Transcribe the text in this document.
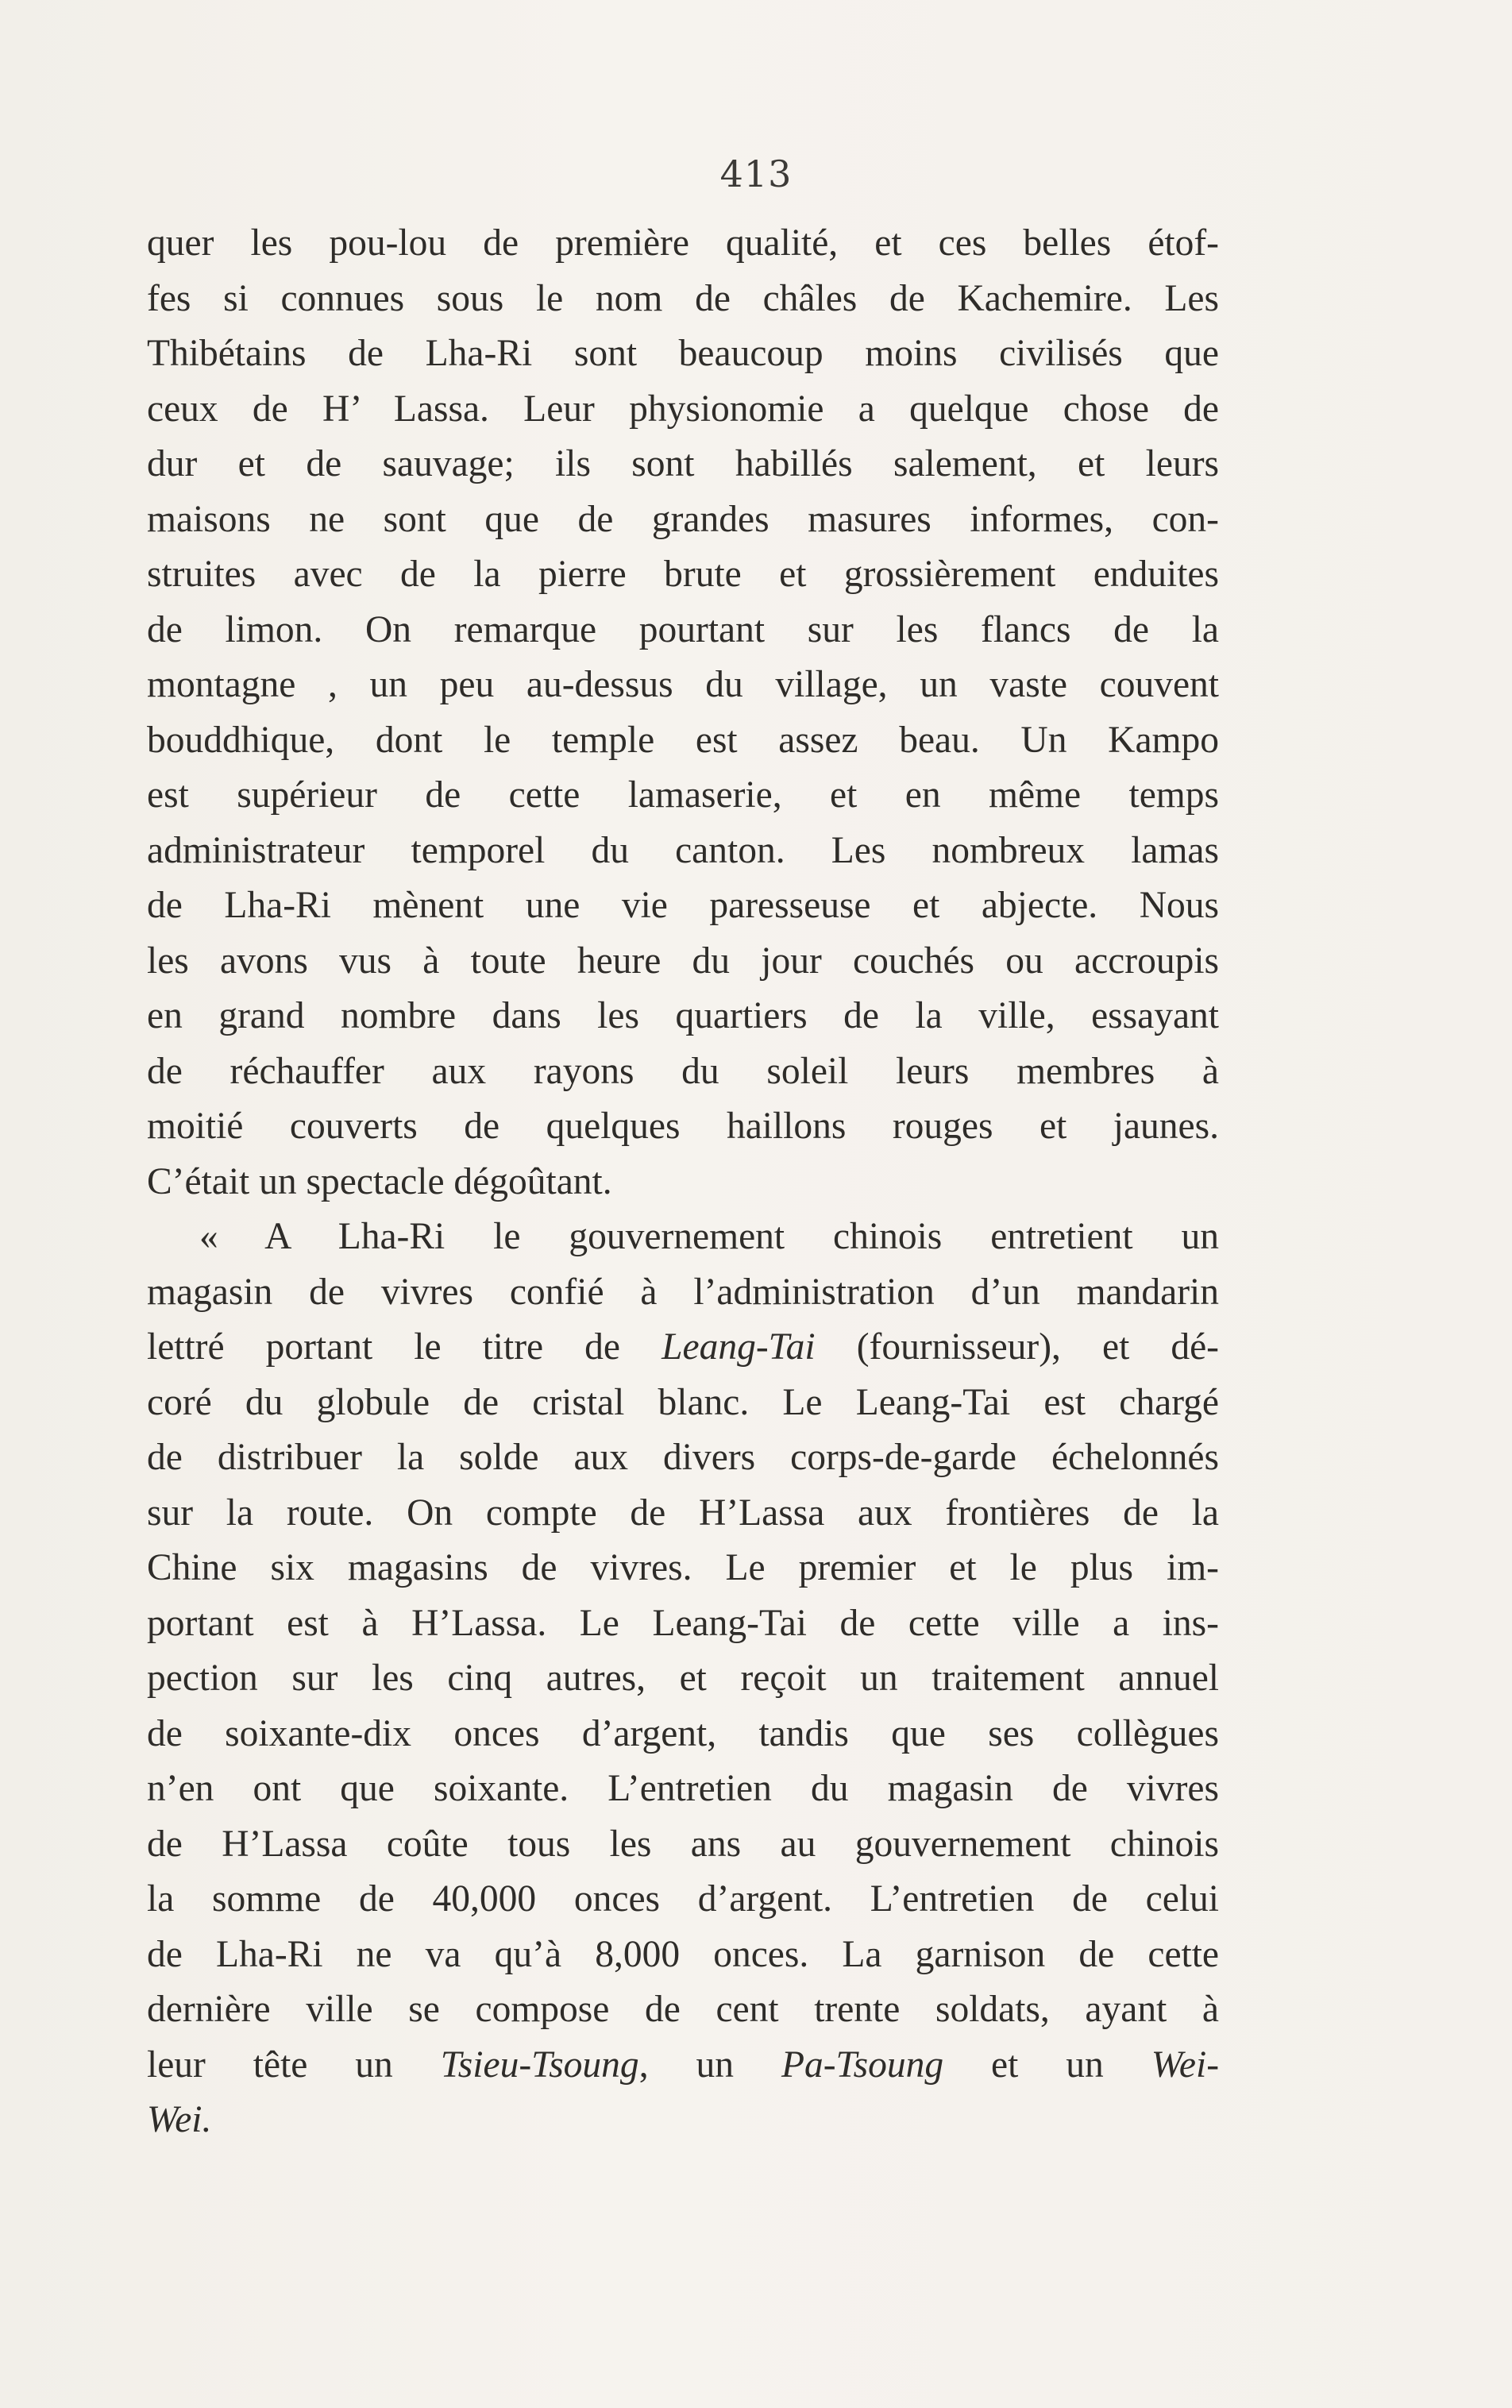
413
quer les pou-lou de première qualité, et ces belles étof-
fes si connues sous le nom de châles de Kachemire. Les
Thibétains de Lha-Ri sont beaucoup moins civilisés que
ceux de H’ Lassa. Leur physionomie a quelque chose de
dur et de sauvage; ils sont habillés salement, et leurs
maisons ne sont que de grandes masures informes, con-
struites avec de la pierre brute et grossièrement enduites
de limon. On remarque pourtant sur les flancs de la
montagne , un peu au-dessus du village, un vaste couvent
bouddhique, dont le temple est assez beau. Un Kampo
est supérieur de cette lamaserie, et en même temps
administrateur temporel du canton. Les nombreux lamas
de Lha-Ri mènent une vie paresseuse et abjecte. Nous
les avons vus à toute heure du jour couchés ou accroupis
en grand nombre dans les quartiers de la ville, essayant
de réchauffer aux rayons du soleil leurs membres à
moitié couverts de quelques haillons rouges et jaunes.
C’était un spectacle dégoûtant.
« A Lha-Ri le gouvernement chinois entretient un
magasin de vivres confié à l’administration d’un mandarin
lettré portant le titre de Leang-Tai (fournisseur), et dé-
coré du globule de cristal blanc. Le Leang-Tai est chargé
de distribuer la solde aux divers corps-de-garde échelonnés
sur la route. On compte de H’Lassa aux frontières de la
Chine six magasins de vivres. Le premier et le plus im-
portant est à H’Lassa. Le Leang-Tai de cette ville a ins-
pection sur les cinq autres, et reçoit un traitement annuel
de soixante-dix onces d’argent, tandis que ses collègues
n’en ont que soixante. L’entretien du magasin de vivres
de H’Lassa coûte tous les ans au gouvernement chinois
la somme de 40,000 onces d’argent. L’entretien de celui
de Lha-Ri ne va qu’à 8,000 onces. La garnison de cette
dernière ville se compose de cent trente soldats, ayant à
leur tête un Tsieu-Tsoung, un Pa-Tsoung et un Wei-
Wei.
